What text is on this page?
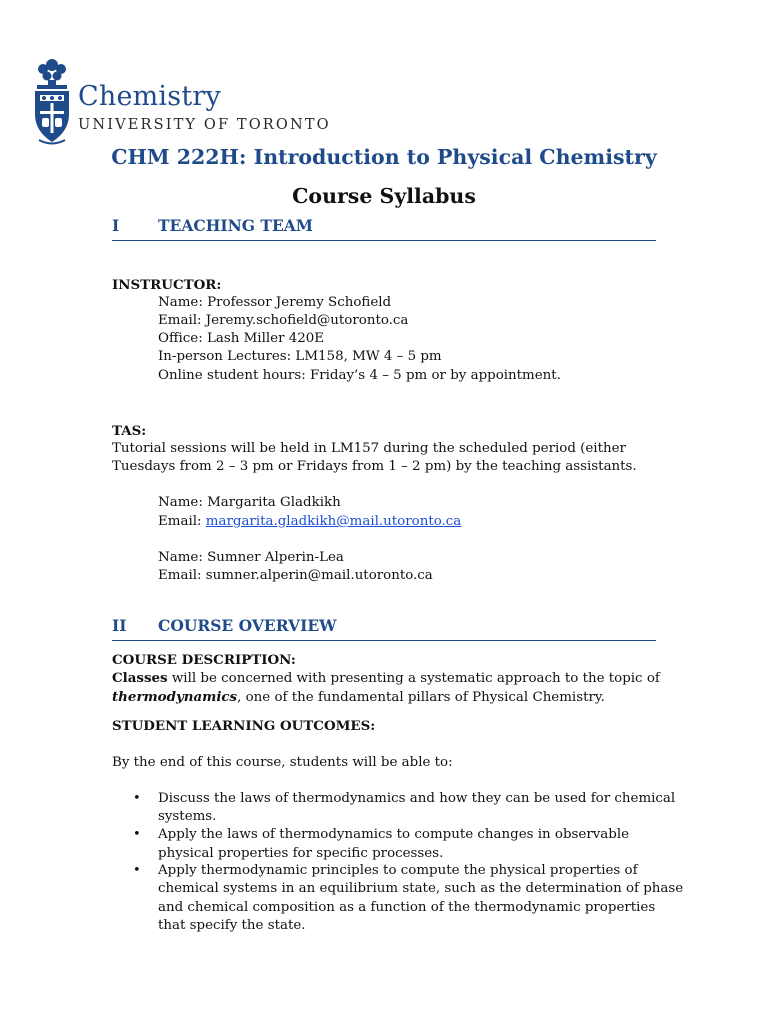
Chemistry
UNIVERSITY OF TORONTO
CHM 222H: Introduction to Physical Chemistry
Course Syllabus
I TEACHING TEAM
INSTRUCTOR:
Name: Professor Jeremy Schofield
Email: Jeremy.schofield@utoronto.ca
Office: Lash Miller 420E
In-person Lectures: LM158, MW 4 – 5 pm
Online student hours: Friday’s 4 – 5 pm or by appointment.
TAS:
Tutorial sessions will be held in LM157 during the scheduled period (either
Tuesdays from 2 – 3 pm or Fridays from 1 – 2 pm) by the teaching assistants.
Name: Margarita Gladkikh
Email: margarita.gladkikh@mail.utoronto.ca
Name: Sumner Alperin-Lea
Email: sumner.alperin@mail.utoronto.ca
II COURSE OVERVIEW
COURSE DESCRIPTION:
Classes will be concerned with presenting a systematic approach to the topic of
thermodynamics, one of the fundamental pillars of Physical Chemistry.
STUDENT LEARNING OUTCOMES:
By the end of this course, students will be able to:
• Discuss the laws of thermodynamics and how they can be used for chemical
systems.
• Apply the laws of thermodynamics to compute changes in observable
physical properties for specific processes.
• Apply thermodynamic principles to compute the physical properties of
chemical systems in an equilibrium state, such as the determination of phase
and chemical composition as a function of the thermodynamic properties
that specify the state.
